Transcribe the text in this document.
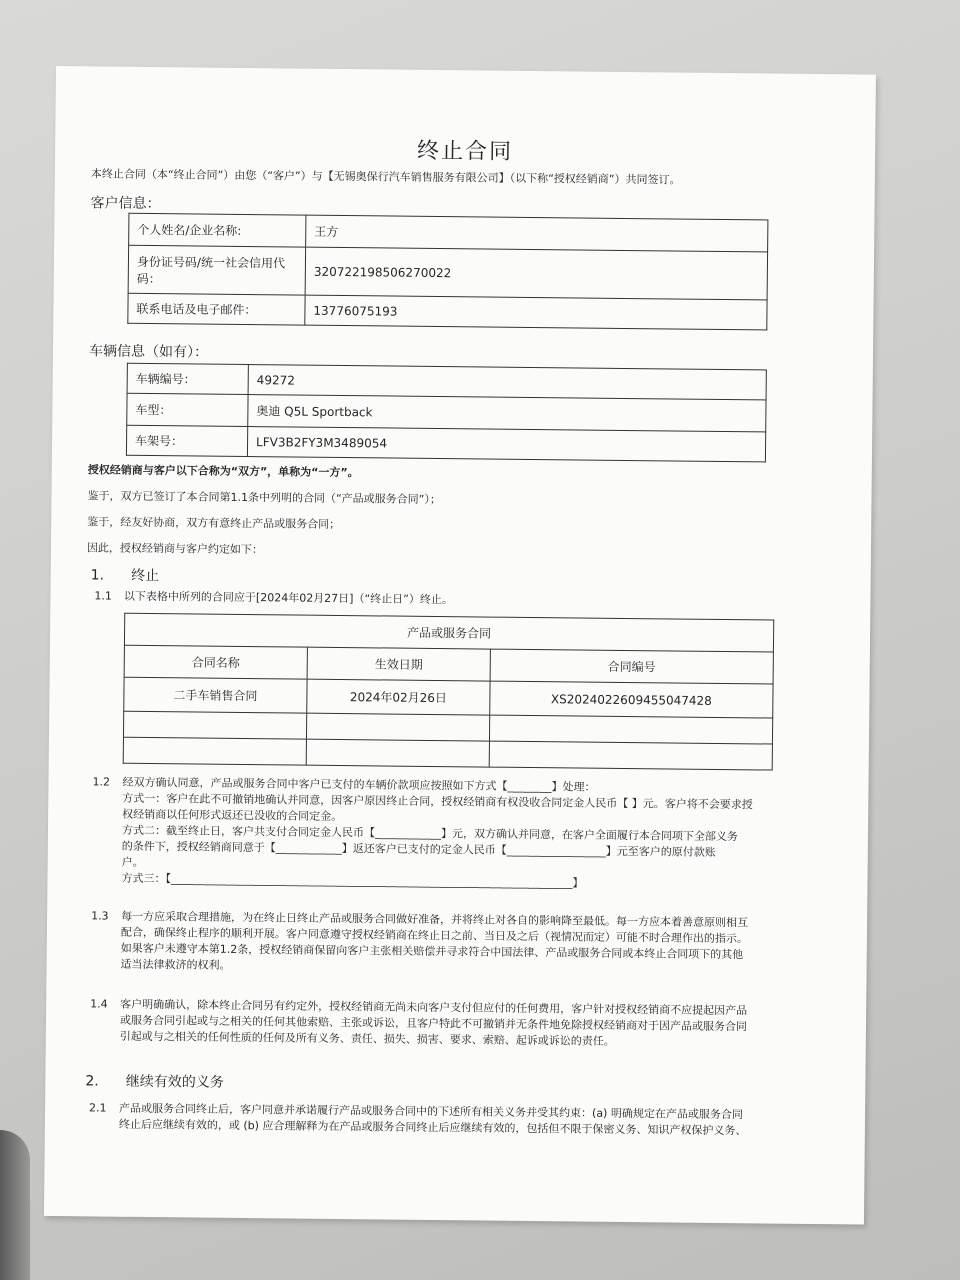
终止合同
本终止合同（本“终止合同”）由您（“客户”）与【无锡奥保行汽车销售服务有限公司】（以下称“授权经销商”）共同签订。
客户信息：
个人姓名/企业名称:	王方
身份证号码/统一社会信用代码：	320722198506270022
联系电话及电子邮件：	13776075193
车辆信息（如有）：
车辆编号：	49272
车型：	奥迪 Q5L Sportback
车架号：	LFV3B2FY3M3489054
授权经销商与客户以下合称为“双方”，单称为“一方”。
鉴于，双方已签订了本合同第1.1条中列明的合同（“产品或服务合同”）；
鉴于，经友好协商，双方有意终止产品或服务合同；
因此，授权经销商与客户约定如下：
1. 终止
1.1 以下表格中所列的合同应于[2024年02月27日]（“终止日”）终止。
产品或服务合同		
合同名称	生效日期	合同编号
二手车销售合同	2024年02月26日	XS2024022609455047428

1.2 经双方确认同意，产品或服务合同中客户已支付的车辆价款项应按照如下方式【________】处理：
方式一：客户在此不可撤销地确认并同意，因客户原因终止合同，授权经销商有权没收合同定金人民币【 】元。客户将不会要求授
权经销商以任何形式返还已没收的合同定金。
方式二：截至终止日，客户共支付合同定金人民币【____________】元，双方确认并同意，在客户全面履行本合同项下全部义务
的条件下，授权经销商同意于【____________】返还客户已支付的定金人民币【__________________】元至客户的原付款账
户。
方式三：【_________________________________________________________________________】
1.3 每一方应采取合理措施，为在终止日终止产品或服务合同做好准备，并将终止对各自的影响降至最低。每一方应本着善意原则相互
配合，确保终止程序的顺利开展。客户同意遵守授权经销商在终止日之前、当日及之后（视情况而定）可能不时合理作出的指示。
如果客户未遵守本第1.2条，授权经销商保留向客户主张相关赔偿并寻求符合中国法律、产品或服务合同或本终止合同项下的其他
适当法律救济的权利。
1.4 客户明确确认，除本终止合同另有约定外，授权经销商无尚未向客户支付但应付的任何费用，客户针对授权经销商不应提起因产品
或服务合同引起或与之相关的任何其他索赔、主张或诉讼，且客户特此不可撤销并无条件地免除授权经销商对于因产品或服务合同
引起或与之相关的任何性质的任何及所有义务、责任、损失、损害、要求、索赔、起诉或诉讼的责任。
2. 继续有效的义务
2.1 产品或服务合同终止后，客户同意并承诺履行产品或服务合同中的下述所有相关义务并受其约束：(a) 明确规定在产品或服务合同
终止后应继续有效的，或 (b) 应合理解释为在产品或服务合同终止后应继续有效的，包括但不限于保密义务、知识产权保护义务、
